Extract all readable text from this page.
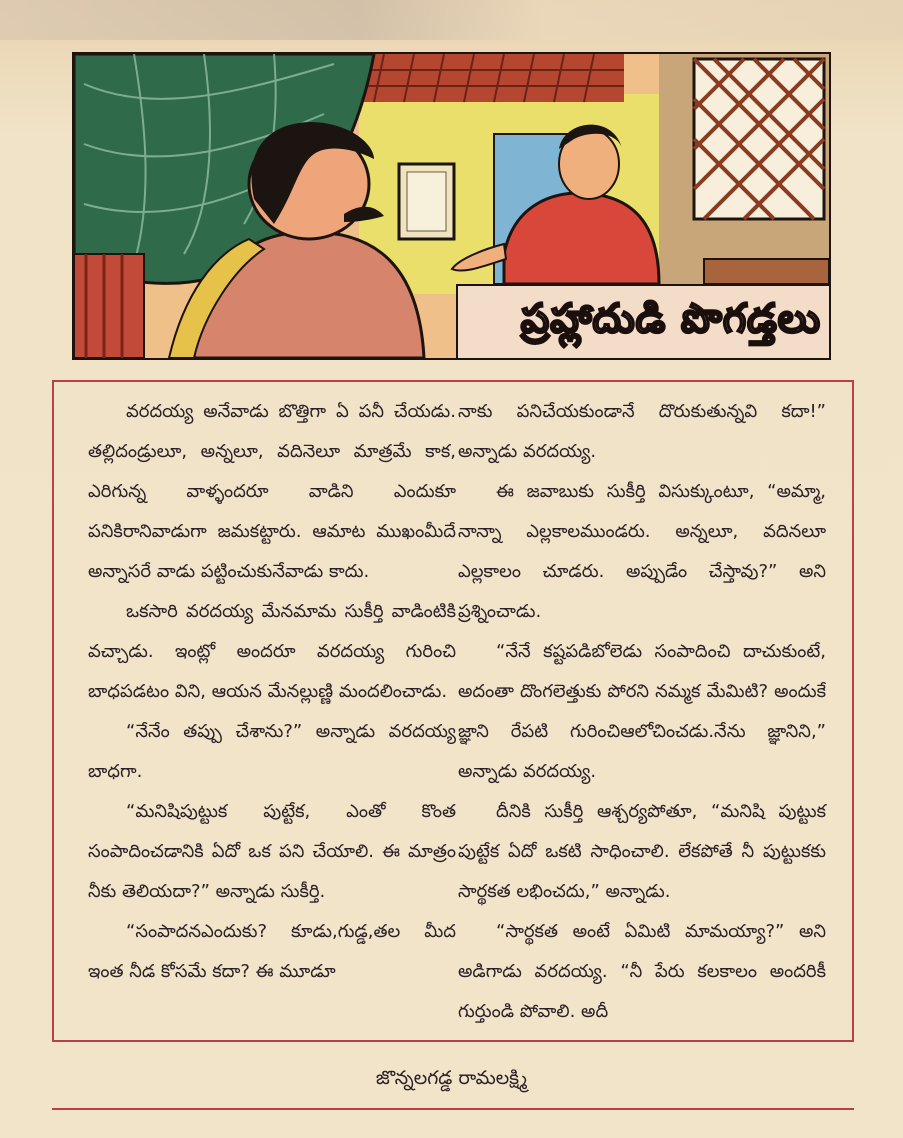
ప్రహ్లాదుడి పొగడ్తలు

వరదయ్య అనేవాడు బొత్తిగా ఏ పనీ చేయడు. తల్లిదండ్రులూ, అన్నలూ, వదినెలూ మాత్రమే కాక, ఎరిగున్న వాళ్ళందరూ వాడిని ఎందుకూ పనికిరానివాడుగా జమకట్టారు. ఆమాట ముఖంమీదే అన్నాసరే వాడు పట్టించుకునేవాడు కాదు.

ఒకసారి వరదయ్య మేనమామ సుకీర్తి వాడింటికి వచ్చాడు. ఇంట్లో అందరూ వరదయ్య గురించి బాధపడటం విని, ఆయన మేనల్లుణ్ణి మందలించాడు.

“నేనేం తప్పు చేశాను?” అన్నాడు వరదయ్య బాధగా.

“మనిషిపుట్టుక పుట్టేక, ఎంతో కొంత సంపాదించడానికి ఏదో ఒక పని చేయాలి. ఈ మాత్రం నీకు తెలియదా?” అన్నాడు సుకీర్తి.

“సంపాదనఎందుకు? కూడు,గుడ్డ,తల మీద ఇంత నీడ కోసమే కదా? ఈ మూడూ

నాకు పనిచేయకుండానే దొరుకుతున్నవి కదా!” అన్నాడు వరదయ్య.

ఈ జవాబుకు సుకీర్తి విసుక్కుంటూ, “అమ్మా, నాన్నా ఎల్లకాలముండరు. అన్నలూ, వదినలూ ఎల్లకాలం చూడరు. అప్పుడేం చేస్తావు?” అని ప్రశ్నించాడు.

“నేనే కష్టపడిబోలెడు సంపాదించి దాచుకుంటే, అదంతా దొంగలెత్తుకు పోరని నమ్మక మేమిటి? అందుకే జ్ఞాని రేపటి గురించిఆలోచించడు.నేను జ్ఞానిని,” అన్నాడు వరదయ్య.

దీనికి సుకీర్తి ఆశ్చర్యపోతూ, “మనిషి పుట్టుక పుట్టేక ఏదో ఒకటి సాధించాలి. లేకపోతే నీ పుట్టుకకు సార్థకత లభించదు,” అన్నాడు.

“సార్థకత అంటే ఏమిటి మామయ్యా?” అని అడిగాడు వరదయ్య. “నీ పేరు కలకాలం అందరికీ గుర్తుండి పోవాలి. అదీ

జొన్నలగడ్డ రామలక్ష్మి
